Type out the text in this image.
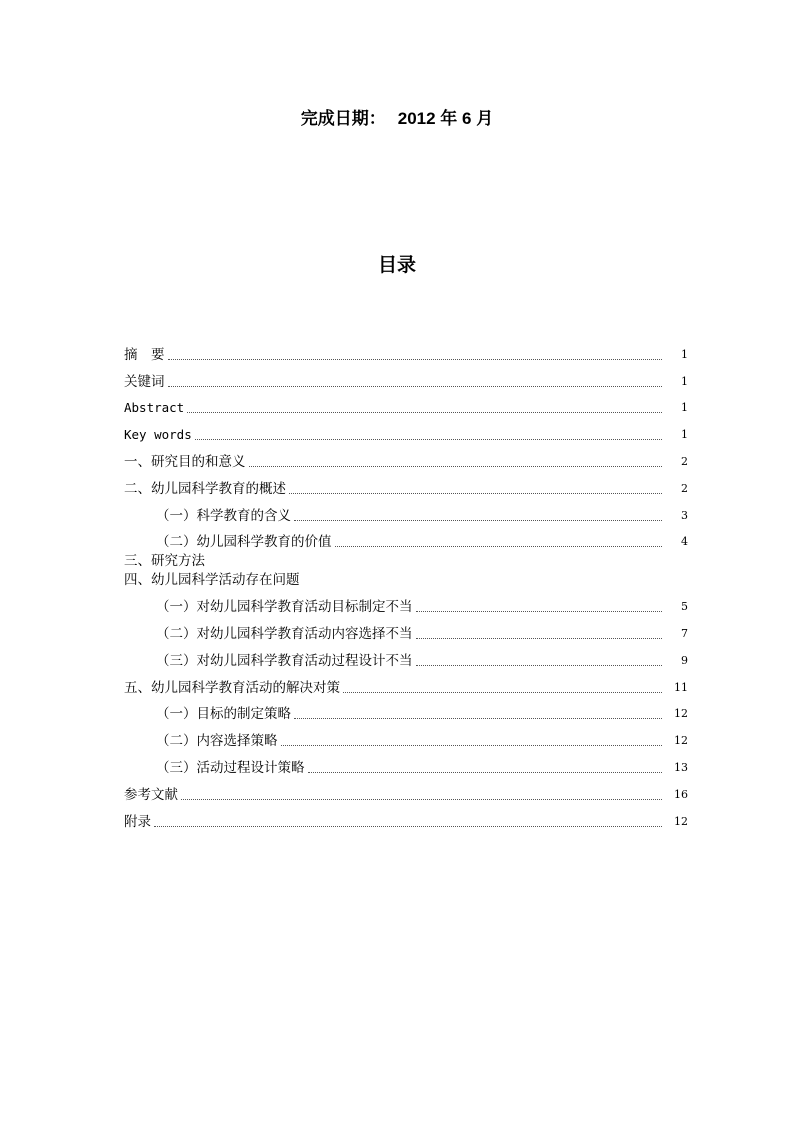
完成日期： 2012 年 6 月
目录
摘　要	1
关键词	1
Abstract	1
Key words	1
一、研究目的和意义	2
二、幼儿园科学教育的概述	2
（一）科学教育的含义	3
（二）幼儿园科学教育的价值	4
三、研究方法
四、幼儿园科学活动存在问题
（一）对幼儿园科学教育活动目标制定不当	5
（二）对幼儿园科学教育活动内容选择不当	7
（三）对幼儿园科学教育活动过程设计不当	9
五、幼儿园科学教育活动的解决对策	11
（一）目标的制定策略	12
（二）内容选择策略	12
（三）活动过程设计策略	13
参考文献	16
附录	12
